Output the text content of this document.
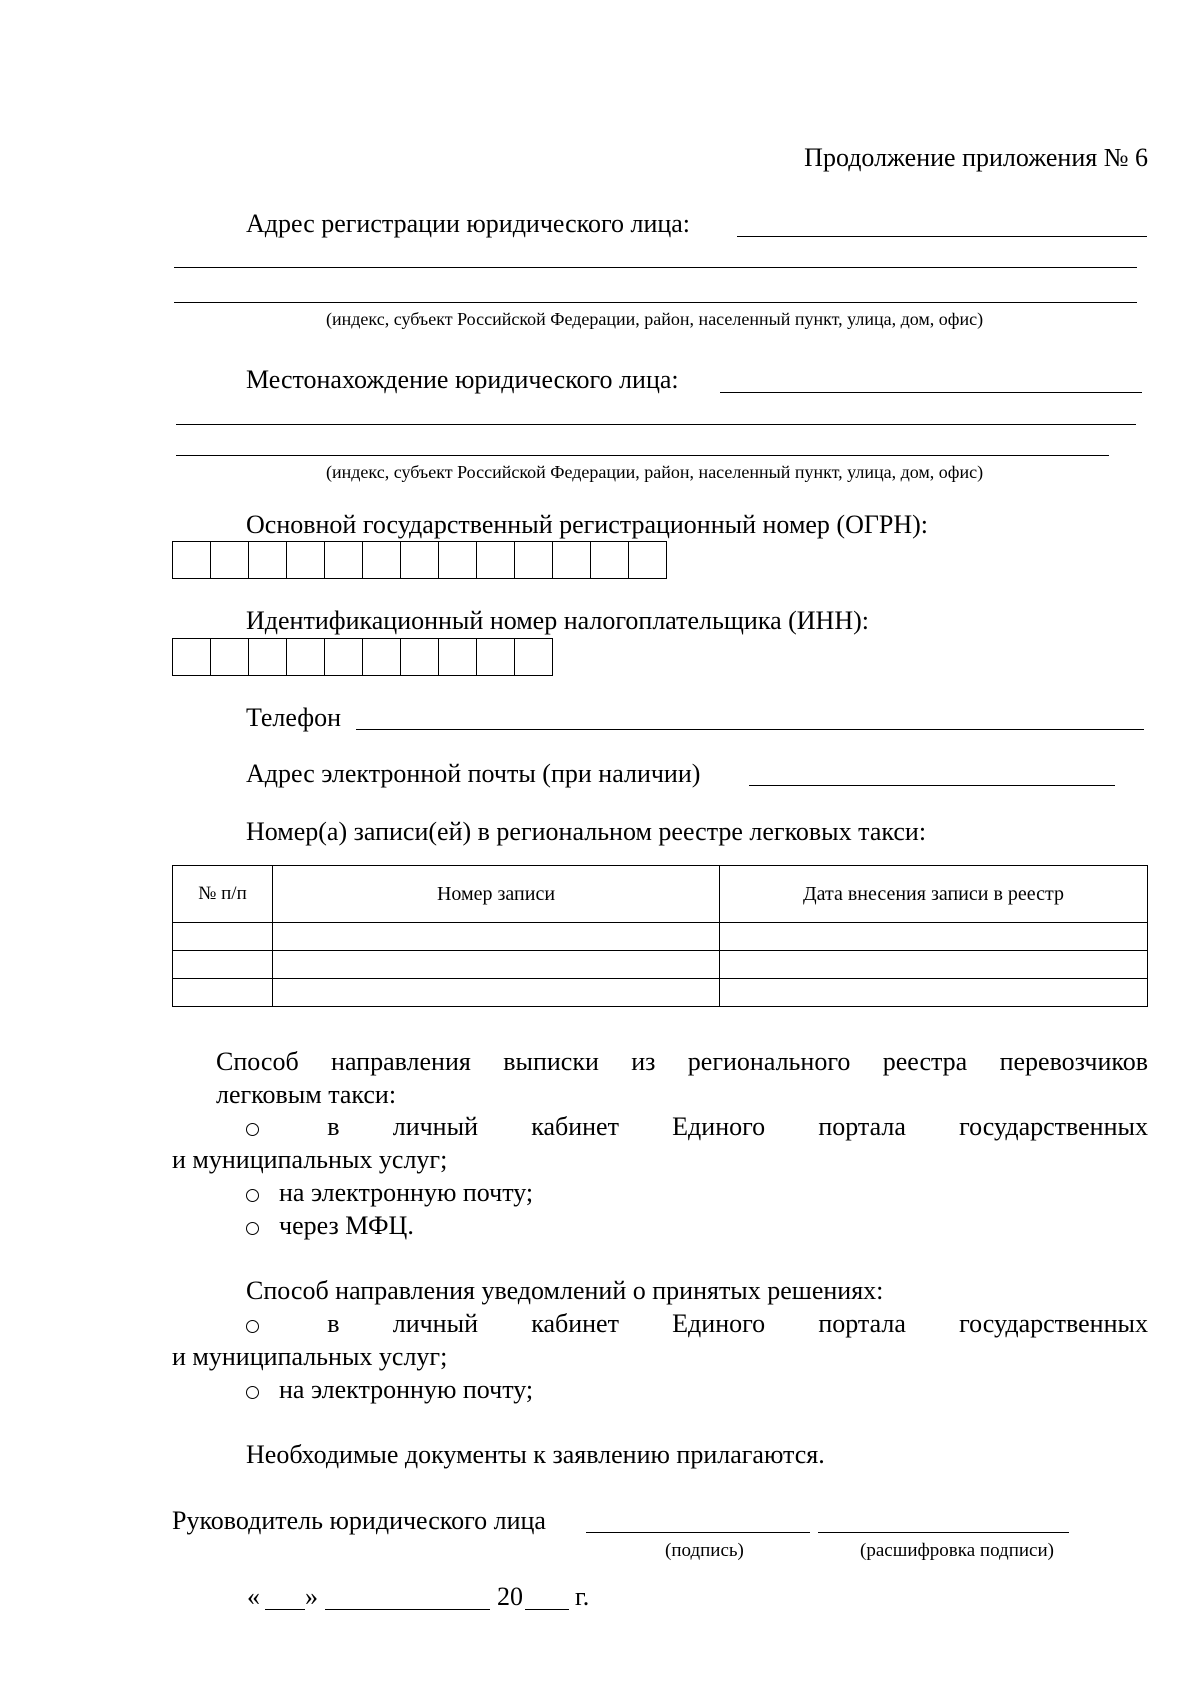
Продолжение приложения № 6
Адрес регистрации юридического лица:
(индекс, субъект Российской Федерации, район, населенный пункт, улица, дом, офис)
Местонахождение юридического лица:
(индекс, субъект Российской Федерации, район, населенный пункт, улица, дом, офис)
Основной государственный регистрационный номер (ОГРН):
Идентификационный номер налогоплательщика (ИНН):
Телефон
Адрес электронной почты (при наличии)
Номер(а) записи(ей) в региональном реестре легковых такси:
№ п/п	Номер записи	Дата внесения записи в реестр

Способ направления выписки из регионального реестра перевозчиков
легковым такси:
в личный кабинет Единого портала государственных
и муниципальных услуг;
на электронную почту;
через МФЦ.
Способ направления уведомлений о принятых решениях:
в личный кабинет Единого портала государственных
и муниципальных услуг;
на электронную почту;
Необходимые документы к заявлению прилагаются.
Руководитель юридического лица
(подпись)	(расшифровка подписи)
« »	20 г.
